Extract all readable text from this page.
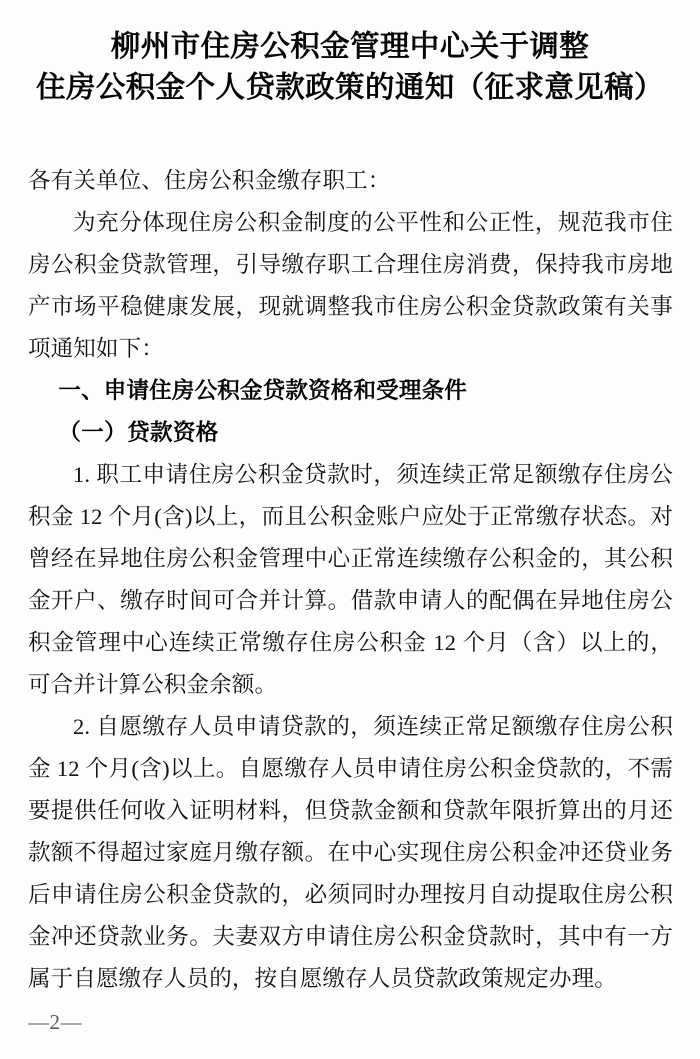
柳州市住房公积金管理中心关于调整
住房公积金个人贷款政策的通知（征求意见稿）

各有关单位、住房公积金缴存职工：

为充分体现住房公积金制度的公平性和公正性，规范我市住房公积金贷款管理，引导缴存职工合理住房消费，保持我市房地产市场平稳健康发展，现就调整我市住房公积金贷款政策有关事项通知如下：

一、申请住房公积金贷款资格和受理条件

（一）贷款资格

1. 职工申请住房公积金贷款时，须连续正常足额缴存住房公积金 12 个月(含)以上，而且公积金账户应处于正常缴存状态。对曾经在异地住房公积金管理中心正常连续缴存公积金的，其公积金开户、缴存时间可合并计算。借款申请人的配偶在异地住房公积金管理中心连续正常缴存住房公积金 12 个月（含）以上的，可合并计算公积金余额。

2. 自愿缴存人员申请贷款的，须连续正常足额缴存住房公积金 12 个月(含)以上。自愿缴存人员申请住房公积金贷款的，不需要提供任何收入证明材料，但贷款金额和贷款年限折算出的月还款额不得超过家庭月缴存额。在中心实现住房公积金冲还贷业务后申请住房公积金贷款的，必须同时办理按月自动提取住房公积金冲还贷款业务。夫妻双方申请住房公积金贷款时，其中有一方属于自愿缴存人员的，按自愿缴存人员贷款政策规定办理。

—2—
